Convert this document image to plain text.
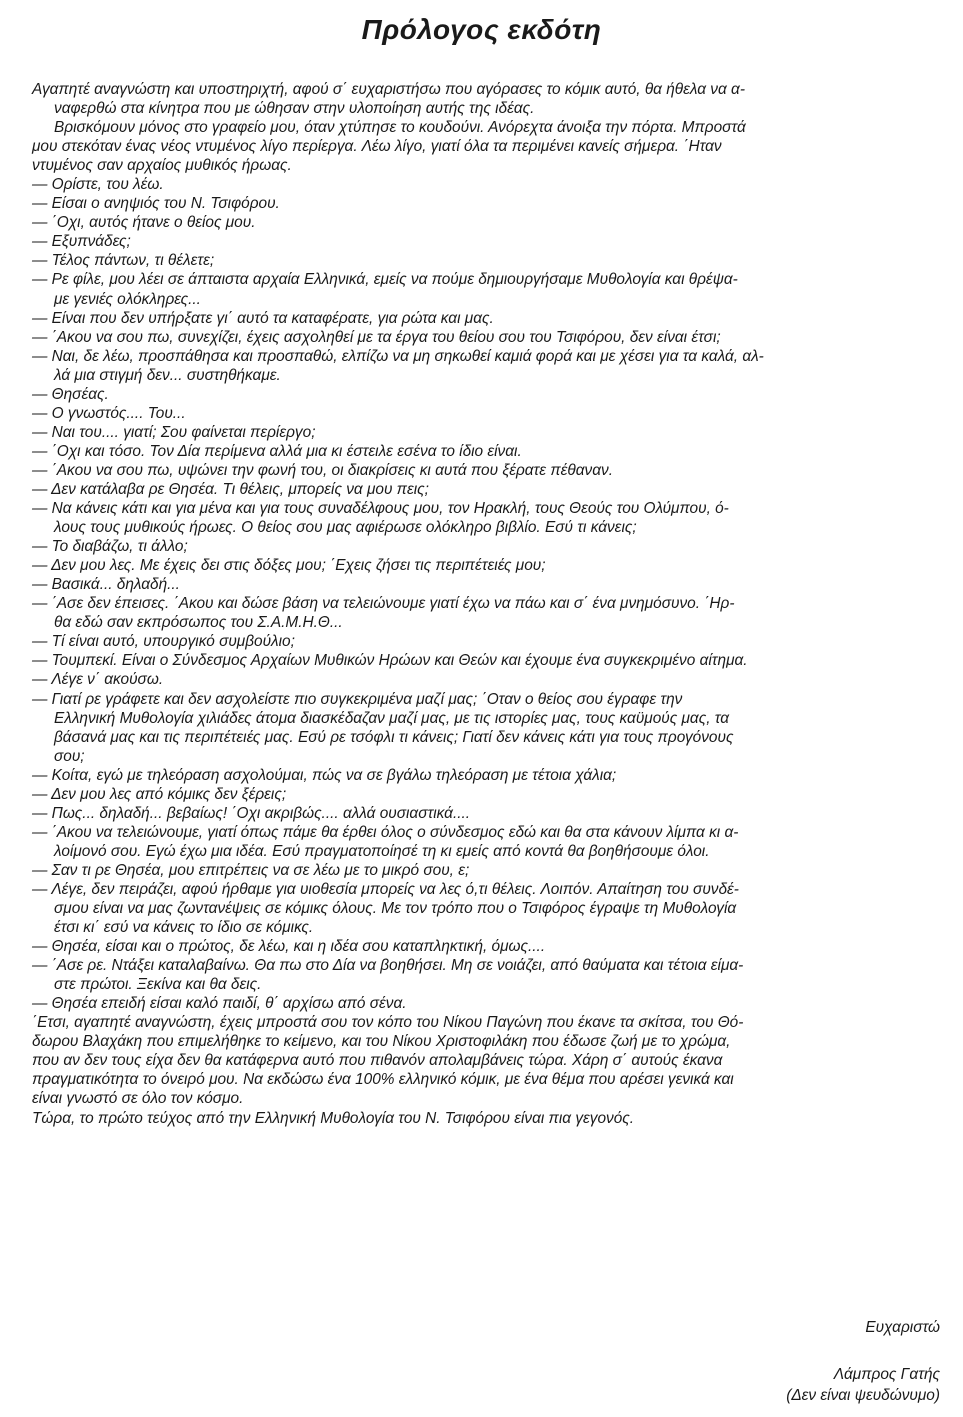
Πρόλογος εκδότη
Αγαπητέ αναγνώστη και υποστηριχτή, αφού σ΄ ευχαριστήσω που αγόρασες το κόμικ αυτό, θα ήθελα να α-
ναφερθώ στα κίνητρα που με ώθησαν στην υλοποίηση αυτής της ιδέας.
Βρισκόμουν μόνος στο γραφείο μου, όταν χτύπησε το κουδούνι. Ανόρεχτα άνοιξα την πόρτα. Μπροστά
μου στεκόταν ένας νέος ντυμένος λίγο περίεργα. Λέω λίγο, γιατί όλα τα περιμένει κανείς σήμερα. ΄Ηταν
ντυμένος σαν αρχαίος μυθικός ήρωας.
— Ορίστε, του λέω.
— Είσαι ο ανηψιός του Ν. Τσιφόρου.
— ΄Οχι, αυτός ήτανε ο θείος μου.
— Εξυπνάδες;
— Τέλος πάντων, τι θέλετε;
— Ρε φίλε, μου λέει σε άπταιστα αρχαία Ελληνικά, εμείς να πούμε δημιουργήσαμε Μυθολογία και θρέψα-
με γενιές ολόκληρες...
— Είναι που δεν υπήρξατε γι΄ αυτό τα καταφέρατε, για ρώτα και μας.
— ΄Ακου να σου πω, συνεχίζει, έχεις ασχοληθεί με τα έργα του θείου σου του Τσιφόρου, δεν είναι έτσι;
— Ναι, δε λέω, προσπάθησα και προσπαθώ, ελπίζω να μη σηκωθεί καμιά φορά και με χέσει για τα καλά, αλ-
λά μια στιγμή δεν... συστηθήκαμε.
— Θησέας.
— Ο γνωστός.... Του...
— Ναι του.... γιατί; Σου φαίνεται περίεργο;
— ΄Οχι και τόσο. Τον Δία περίμενα αλλά μια κι έστειλε εσένα το ίδιο είναι.
— ΄Ακου να σου πω, υψώνει την φωνή του, οι διακρίσεις κι αυτά που ξέρατε πέθαναν.
— Δεν κατάλαβα ρε Θησέα. Τι θέλεις, μπορείς να μου πεις;
— Να κάνεις κάτι και για μένα και για τους συναδέλφους μου, τον Ηρακλή, τους Θεούς του Ολύμπου, ό-
λους τους μυθικούς ήρωες. Ο θείος σου μας αφιέρωσε ολόκληρο βιβλίο. Εσύ τι κάνεις;
— Το διαβάζω, τι άλλο;
— Δεν μου λες. Με έχεις δει στις δόξες μου; ΄Εχεις ζήσει τις περιπέτειές μου;
— Βασικά... δηλαδή...
— ΄Ασε δεν έπεισες. ΄Ακου και δώσε βάση να τελειώνουμε γιατί έχω να πάω και σ΄ ένα μνημόσυνο. ΄Ηρ-
θα εδώ σαν εκπρόσωπος του Σ.Α.Μ.Η.Θ...
— Τί είναι αυτό, υπουργικό συμβούλιο;
— Τουμπεκί. Είναι ο Σύνδεσμος Αρχαίων Μυθικών Ηρώων και Θεών και έχουμε ένα συγκεκριμένο αίτημα.
— Λέγε ν΄ ακούσω.
— Γιατί ρε γράφετε και δεν ασχολείστε πιο συγκεκριμένα μαζί μας; ΄Οταν ο θείος σου έγραφε την
Ελληνική Μυθολογία χιλιάδες άτομα διασκέδαζαν μαζί μας, με τις ιστορίες μας, τους καϋμούς μας, τα
βάσανά μας και τις περιπέτειές μας. Εσύ ρε τσόφλι τι κάνεις; Γιατί δεν κάνεις κάτι για τους προγόνους
σου;
— Κοίτα, εγώ με τηλεόραση ασχολούμαι, πώς να σε βγάλω τηλεόραση με τέτοια χάλια;
— Δεν μου λες από κόμικς δεν ξέρεις;
— Πως... δηλαδή... βεβαίως! ΄Οχι ακριβώς.... αλλά ουσιαστικά....
— ΄Ακου να τελειώνουμε, γιατί όπως πάμε θα έρθει όλος ο σύνδεσμος εδώ και θα στα κάνουν λίμπα κι α-
λοίμονό σου. Εγώ έχω μια ιδέα. Εσύ πραγματοποίησέ τη κι εμείς από κοντά θα βοηθήσουμε όλοι.
— Σαν τι ρε Θησέα, μου επιτρέπεις να σε λέω με το μικρό σου, ε;
— Λέγε, δεν πειράζει, αφού ήρθαμε για υιοθεσία μπορείς να λες ό,τι θέλεις. Λοιπόν. Απαίτηση του συνδέ-
σμου είναι να μας ζωντανέψεις σε κόμικς όλους. Με τον τρόπο που ο Τσιφόρος έγραψε τη Μυθολογία
έτσι κι΄ εσύ να κάνεις το ίδιο σε κόμικς.
— Θησέα, είσαι και ο πρώτος, δε λέω, και η ιδέα σου καταπληκτική, όμως....
— ΄Ασε ρε. Ντάξει καταλαβαίνω. Θα πω στο Δία να βοηθήσει. Μη σε νοιάζει, από θαύματα και τέτοια είμα-
στε πρώτοι. Ξεκίνα και θα δεις.
— Θησέα επειδή είσαι καλό παιδί, θ΄ αρχίσω από σένα.
΄Ετσι, αγαπητέ αναγνώστη, έχεις μπροστά σου τον κόπο του Νίκου Παγώνη που έκανε τα σκίτσα, του Θό-
δωρου Βλαχάκη που επιμελήθηκε το κείμενο, και του Νίκου Χριστοφιλάκη που έδωσε ζωή με το χρώμα,
που αν δεν τους είχα δεν θα κατάφερνα αυτό που πιθανόν απολαμβάνεις τώρα. Χάρη σ΄ αυτούς έκανα
πραγματικότητα το όνειρό μου. Να εκδώσω ένα 100% ελληνικό κόμικ, με ένα θέμα που αρέσει γενικά και
είναι γνωστό σε όλο τον κόσμο.
Τώρα, το πρώτο τεύχος από την Ελληνική Μυθολογία του Ν. Τσιφόρου είναι πια γεγονός.
Ευχαριστώ
Λάμπρος Γατής
(Δεν είναι ψευδώνυμο)
